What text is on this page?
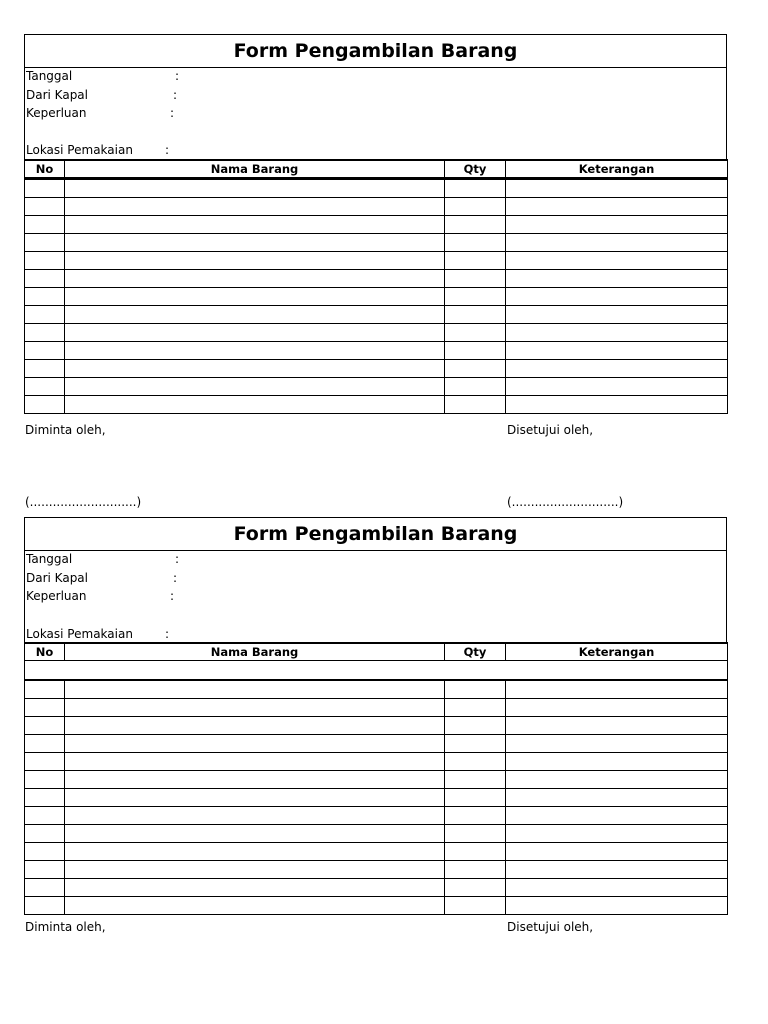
Form Pengambilan Barang
Tanggal	:
Dari Kapal	:
Keperluan	:
Lokasi Pemakaian	:
No	Nama Barang	Qty	Keterangan

Diminta oleh,	Disetujui oleh,
(............................)	(............................)
Form Pengambilan Barang
Tanggal	:
Dari Kapal	:
Keperluan	:
Lokasi Pemakaian	:
No	Nama Barang	Qty	Keterangan

Diminta oleh,	Disetujui oleh,
